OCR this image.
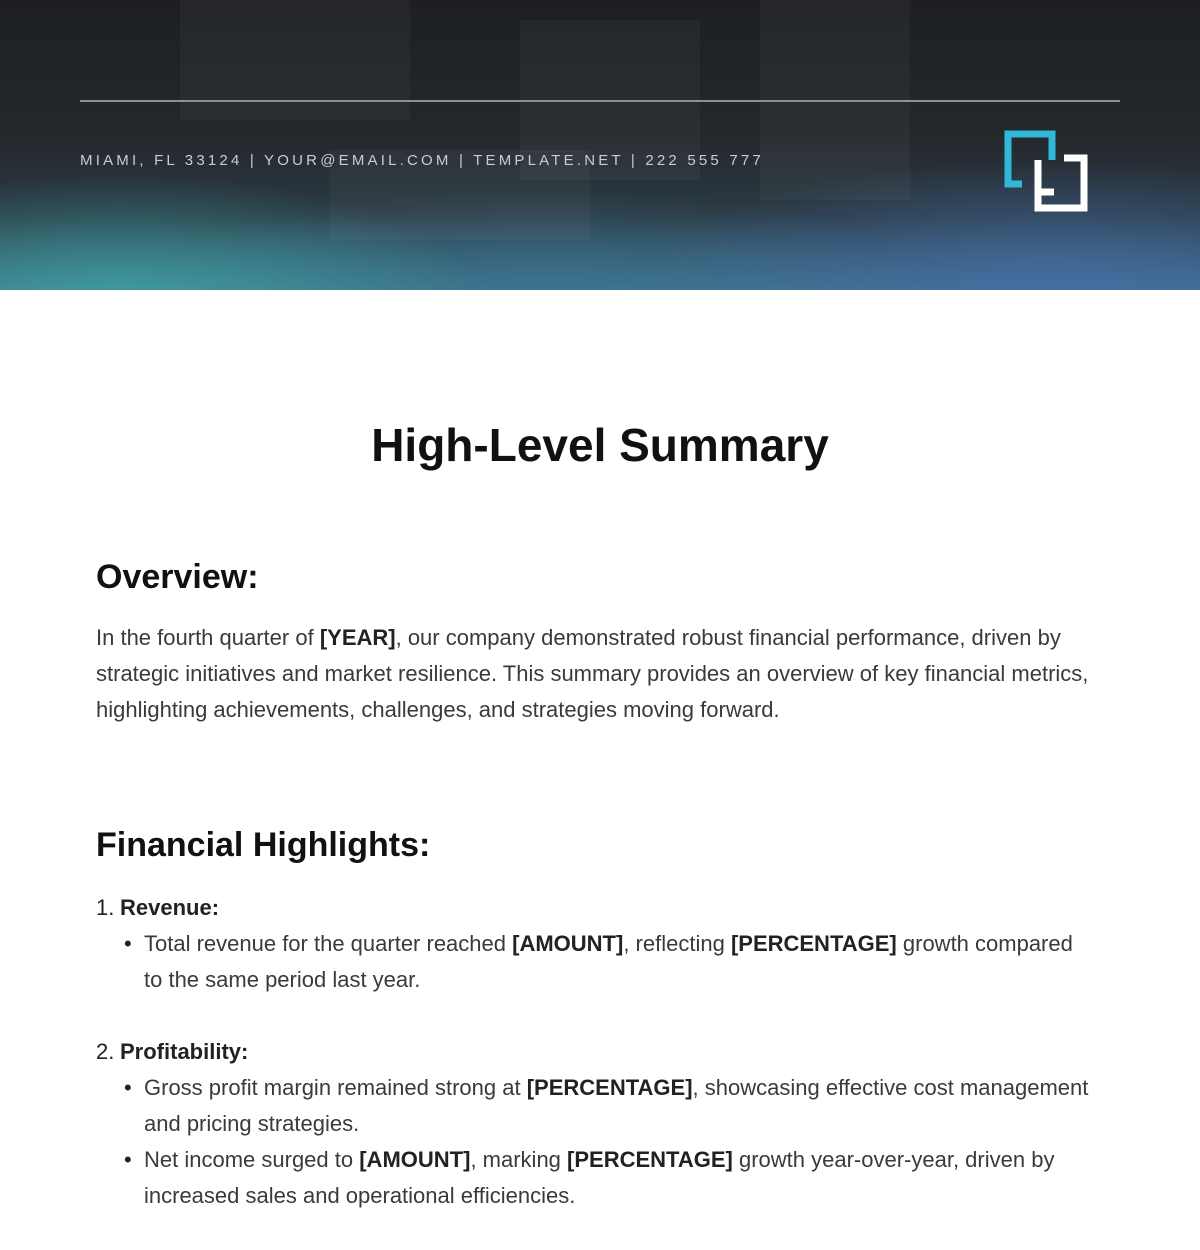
MIAMI, FL 33124 | YOUR@EMAIL.COM | TEMPLATE.NET | 222 555 777
High-Level Summary
Overview:

In the fourth quarter of [YEAR], our company demonstrated robust financial performance, driven by strategic initiatives and market resilience. This summary provides an overview of key financial metrics, highlighting achievements, challenges, and strategies moving forward.

Financial Highlights:
1. Revenue:
• Total revenue for the quarter reached [AMOUNT], reflecting [PERCENTAGE] growth compared to the same period last year.
2. Profitability:
• Gross profit margin remained strong at [PERCENTAGE], showcasing effective cost management and pricing strategies.
• Net income surged to [AMOUNT], marking [PERCENTAGE] growth year-over-year, driven by increased sales and operational efficiencies.
